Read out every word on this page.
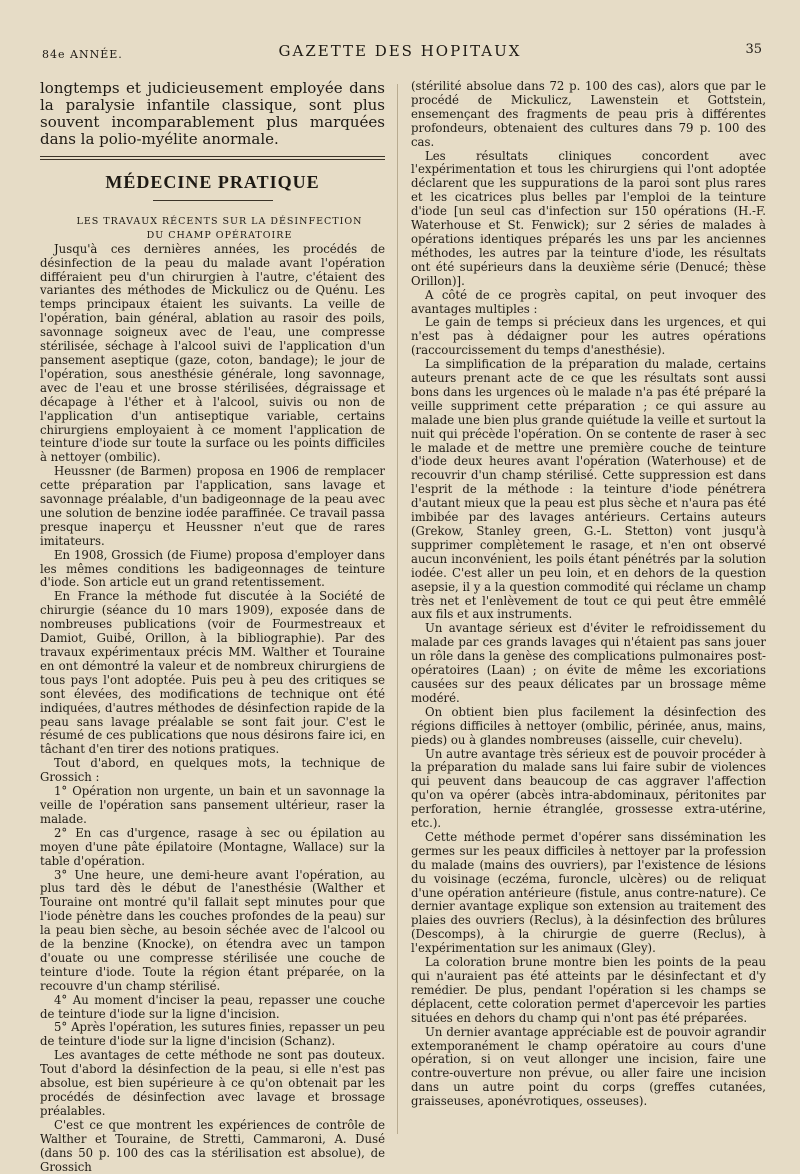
84e ANNÉE.	GAZETTE DES HOPITAUX	35

longtemps et judicieusement employée dans la paralysie infantile classique, sont plus souvent incomparablement plus marquées dans la polio-myélite anormale.

MÉDECINE PRATIQUE

LES TRAVAUX RÉCENTS SUR LA DÉSINFECTION

DU CHAMP OPÉRATOIRE

Jusqu'à ces dernières années, les procédés de désinfection de la peau du malade avant l'opération différaient peu d'un chirurgien à l'autre, c'étaient des variantes des méthodes de Mickulicz ou de Quénu. Les temps principaux étaient les suivants. La veille de l'opération, bain général, ablation au rasoir des poils, savonnage soigneux avec de l'eau, une compresse stérilisée, séchage à l'alcool suivi de l'application d'un pansement aseptique (gaze, coton, bandage); le jour de l'opération, sous anesthésie générale, long savonnage, avec de l'eau et une brosse stérilisées, dégraissage et décapage à l'éther et à l'alcool, suivis ou non de l'application d'un antiseptique variable, certains chirurgiens employaient à ce moment l'application de teinture d'iode sur toute la surface ou les points difficiles à nettoyer (ombilic).

Heussner (de Barmen) proposa en 1906 de remplacer cette préparation par l'application, sans lavage et savonnage préalable, d'un badigeonnage de la peau avec une solution de benzine iodée paraffinée. Ce travail passa presque inaperçu et Heussner n'eut que de rares imitateurs.

En 1908, Grossich (de Fiume) proposa d'employer dans les mêmes conditions les badigeonnages de teinture d'iode. Son article eut un grand retentissement.

En France la méthode fut discutée à la Société de chirurgie (séance du 10 mars 1909), exposée dans de nombreuses publications (voir de Fourmestreaux et Damiot, Guibé, Orillon, à la bibliographie). Par des travaux expérimentaux précis MM. Walther et Touraine en ont démontré la valeur et de nombreux chirurgiens de tous pays l'ont adoptée. Puis peu à peu des critiques se sont élevées, des modifications de technique ont été indiquées, d'autres méthodes de désinfection rapide de la peau sans lavage préalable se sont fait jour. C'est le résumé de ces publications que nous désirons faire ici, en tâchant d'en tirer des notions pratiques.

Tout d'abord, en quelques mots, la technique de Grossich :

1° Opération non urgente, un bain et un savonnage la veille de l'opération sans pansement ultérieur, raser la malade.

2° En cas d'urgence, rasage à sec ou épilation au moyen d'une pâte épilatoire (Montagne, Wallace) sur la table d'opération.

3° Une heure, une demi-heure avant l'opération, au plus tard dès le début de l'anesthésie (Walther et Touraine ont montré qu'il fallait sept minutes pour que l'iode pénètre dans les couches profondes de la peau) sur la peau bien sèche, au besoin séchée avec de l'alcool ou de la benzine (Knocke), on étendra avec un tampon d'ouate ou une compresse stérilisée une couche de teinture d'iode. Toute la région étant préparée, on la recouvre d'un champ stérilisé.

4° Au moment d'inciser la peau, repasser une couche de teinture d'iode sur la ligne d'incision.

5° Après l'opération, les sutures finies, repasser un peu de teinture d'iode sur la ligne d'incision (Schanz).

Les avantages de cette méthode ne sont pas douteux. Tout d'abord la désinfection de la peau, si elle n'est pas absolue, est bien supérieure à ce qu'on obtenait par les procédés de désinfection avec lavage et brossage préalables.

C'est ce que montrent les expériences de contrôle de Walther et Touraine, de Stretti, Cammaroni, A. Dusé (dans 50 p. 100 des cas la stérilisation est absolue), de Grossich

(stérilité absolue dans 72 p. 100 des cas), alors que par le procédé de Mickulicz, Lawenstein et Gottstein, ensemençant des fragments de peau pris à différentes profondeurs, obtenaient des cultures dans 79 p. 100 des cas.

Les résultats cliniques concordent avec l'expérimentation et tous les chirurgiens qui l'ont adoptée déclarent que les suppurations de la paroi sont plus rares et les cicatrices plus belles par l'emploi de la teinture d'iode [un seul cas d'infection sur 150 opérations (H.-F. Waterhouse et St. Fenwick); sur 2 séries de malades à opérations identiques préparés les uns par les anciennes méthodes, les autres par la teinture d'iode, les résultats ont été supérieurs dans la deuxième série (Denucé; thèse Orillon)].

A côté de ce progrès capital, on peut invoquer des avantages multiples :

Le gain de temps si précieux dans les urgences, et qui n'est pas à dédaigner pour les autres opérations (raccourcissement du temps d'anesthésie).

La simplification de la préparation du malade, certains auteurs prenant acte de ce que les résultats sont aussi bons dans les urgences où le malade n'a pas été préparé la veille suppriment cette préparation ; ce qui assure au malade une bien plus grande quiétude la veille et surtout la nuit qui précède l'opération. On se contente de raser à sec le malade et de mettre une première couche de teinture d'iode deux heures avant l'opération (Waterhouse) et de recouvrir d'un champ stérilisé. Cette suppression est dans l'esprit de la méthode : la teinture d'iode pénétrera d'autant mieux que la peau est plus sèche et n'aura pas été imbibée par des lavages antérieurs. Certains auteurs (Grekow, Stanley green, G.-L. Stetton) vont jusqu'à supprimer complètement le rasage, et n'en ont observé aucun inconvénient, les poils étant pénétrés par la solution iodée. C'est aller un peu loin, et en dehors de la question asepsie, il y a la question commodité qui réclame un champ très net et l'enlèvement de tout ce qui peut être emmêlé aux fils et aux instruments.

Un avantage sérieux est d'éviter le refroidissement du malade par ces grands lavages qui n'étaient pas sans jouer un rôle dans la genèse des complications pulmonaires post-opératoires (Laan) ; on évite de même les excoriations causées sur des peaux délicates par un brossage même modéré.

On obtient bien plus facilement la désinfection des régions difficiles à nettoyer (ombilic, périnée, anus, mains, pieds) ou à glandes nombreuses (aisselle, cuir chevelu).

Un autre avantage très sérieux est de pouvoir procéder à la préparation du malade sans lui faire subir de violences qui peuvent dans beaucoup de cas aggraver l'affection qu'on va opérer (abcès intra-abdominaux, péritonites par perforation, hernie étranglée, grossesse extra-utérine, etc.).

Cette méthode permet d'opérer sans dissémination les germes sur les peaux difficiles à nettoyer par la profession du malade (mains des ouvriers), par l'existence de lésions du voisinage (eczéma, furoncle, ulcères) ou de reliquat d'une opération antérieure (fistule, anus contre-nature). Ce dernier avantage explique son extension au traitement des plaies des ouvriers (Reclus), à la désinfection des brûlures (Descomps), à la chirurgie de guerre (Reclus), à l'expérimentation sur les animaux (Gley).

La coloration brune montre bien les points de la peau qui n'auraient pas été atteints par le désinfectant et d'y remédier. De plus, pendant l'opération si les champs se déplacent, cette coloration permet d'apercevoir les parties situées en dehors du champ qui n'ont pas été préparées.

Un dernier avantage appréciable est de pouvoir agrandir extemporanément le champ opératoire au cours d'une opération, si on veut allonger une incision, faire une contre-ouverture non prévue, ou aller faire une incision dans un autre point du corps (greffes cutanées, graisseuses, aponévrotiques, osseuses).
